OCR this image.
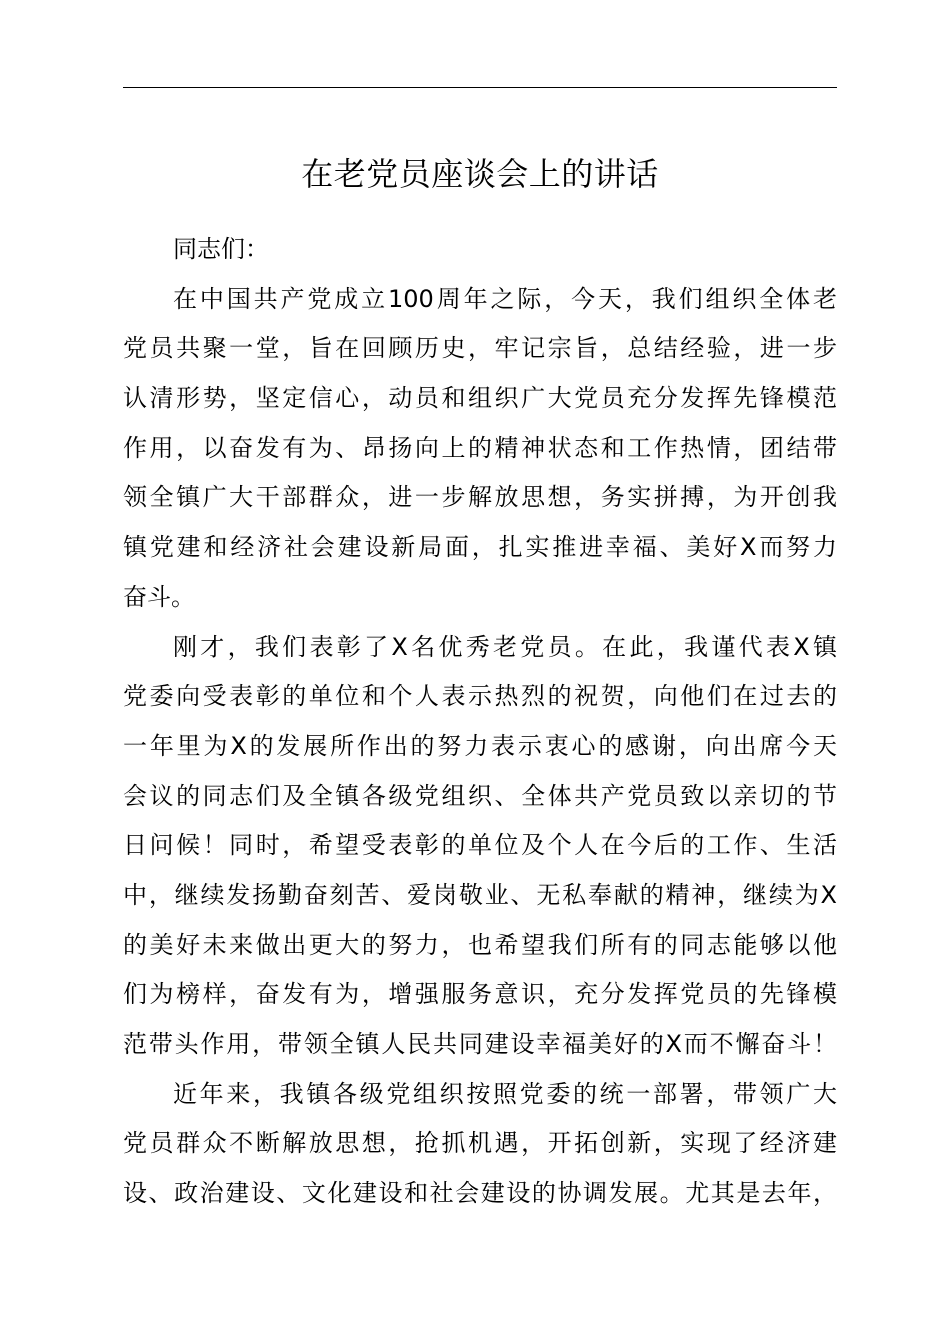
在老党员座谈会上的讲话
同志们：
在中国共产党成立100周年之际，今天，我们组织全体老
党员共聚一堂，旨在回顾历史，牢记宗旨，总结经验，进一步
认清形势，坚定信心，动员和组织广大党员充分发挥先锋模范
作用，以奋发有为、昂扬向上的精神状态和工作热情，团结带
领全镇广大干部群众，进一步解放思想，务实拼搏，为开创我
镇党建和经济社会建设新局面，扎实推进幸福、美好X而努力
奋斗。
刚才，我们表彰了X名优秀老党员。在此，我谨代表X镇
党委向受表彰的单位和个人表示热烈的祝贺，向他们在过去的
一年里为X的发展所作出的努力表示衷心的感谢，向出席今天
会议的同志们及全镇各级党组织、全体共产党员致以亲切的节
日问候！同时，希望受表彰的单位及个人在今后的工作、生活
中，继续发扬勤奋刻苦、爱岗敬业、无私奉献的精神，继续为X
的美好未来做出更大的努力，也希望我们所有的同志能够以他
们为榜样，奋发有为，增强服务意识，充分发挥党员的先锋模
范带头作用，带领全镇人民共同建设幸福美好的X而不懈奋斗！
近年来，我镇各级党组织按照党委的统一部署，带领广大
党员群众不断解放思想，抢抓机遇，开拓创新，实现了经济建
设、政治建设、文化建设和社会建设的协调发展。尤其是去年，
